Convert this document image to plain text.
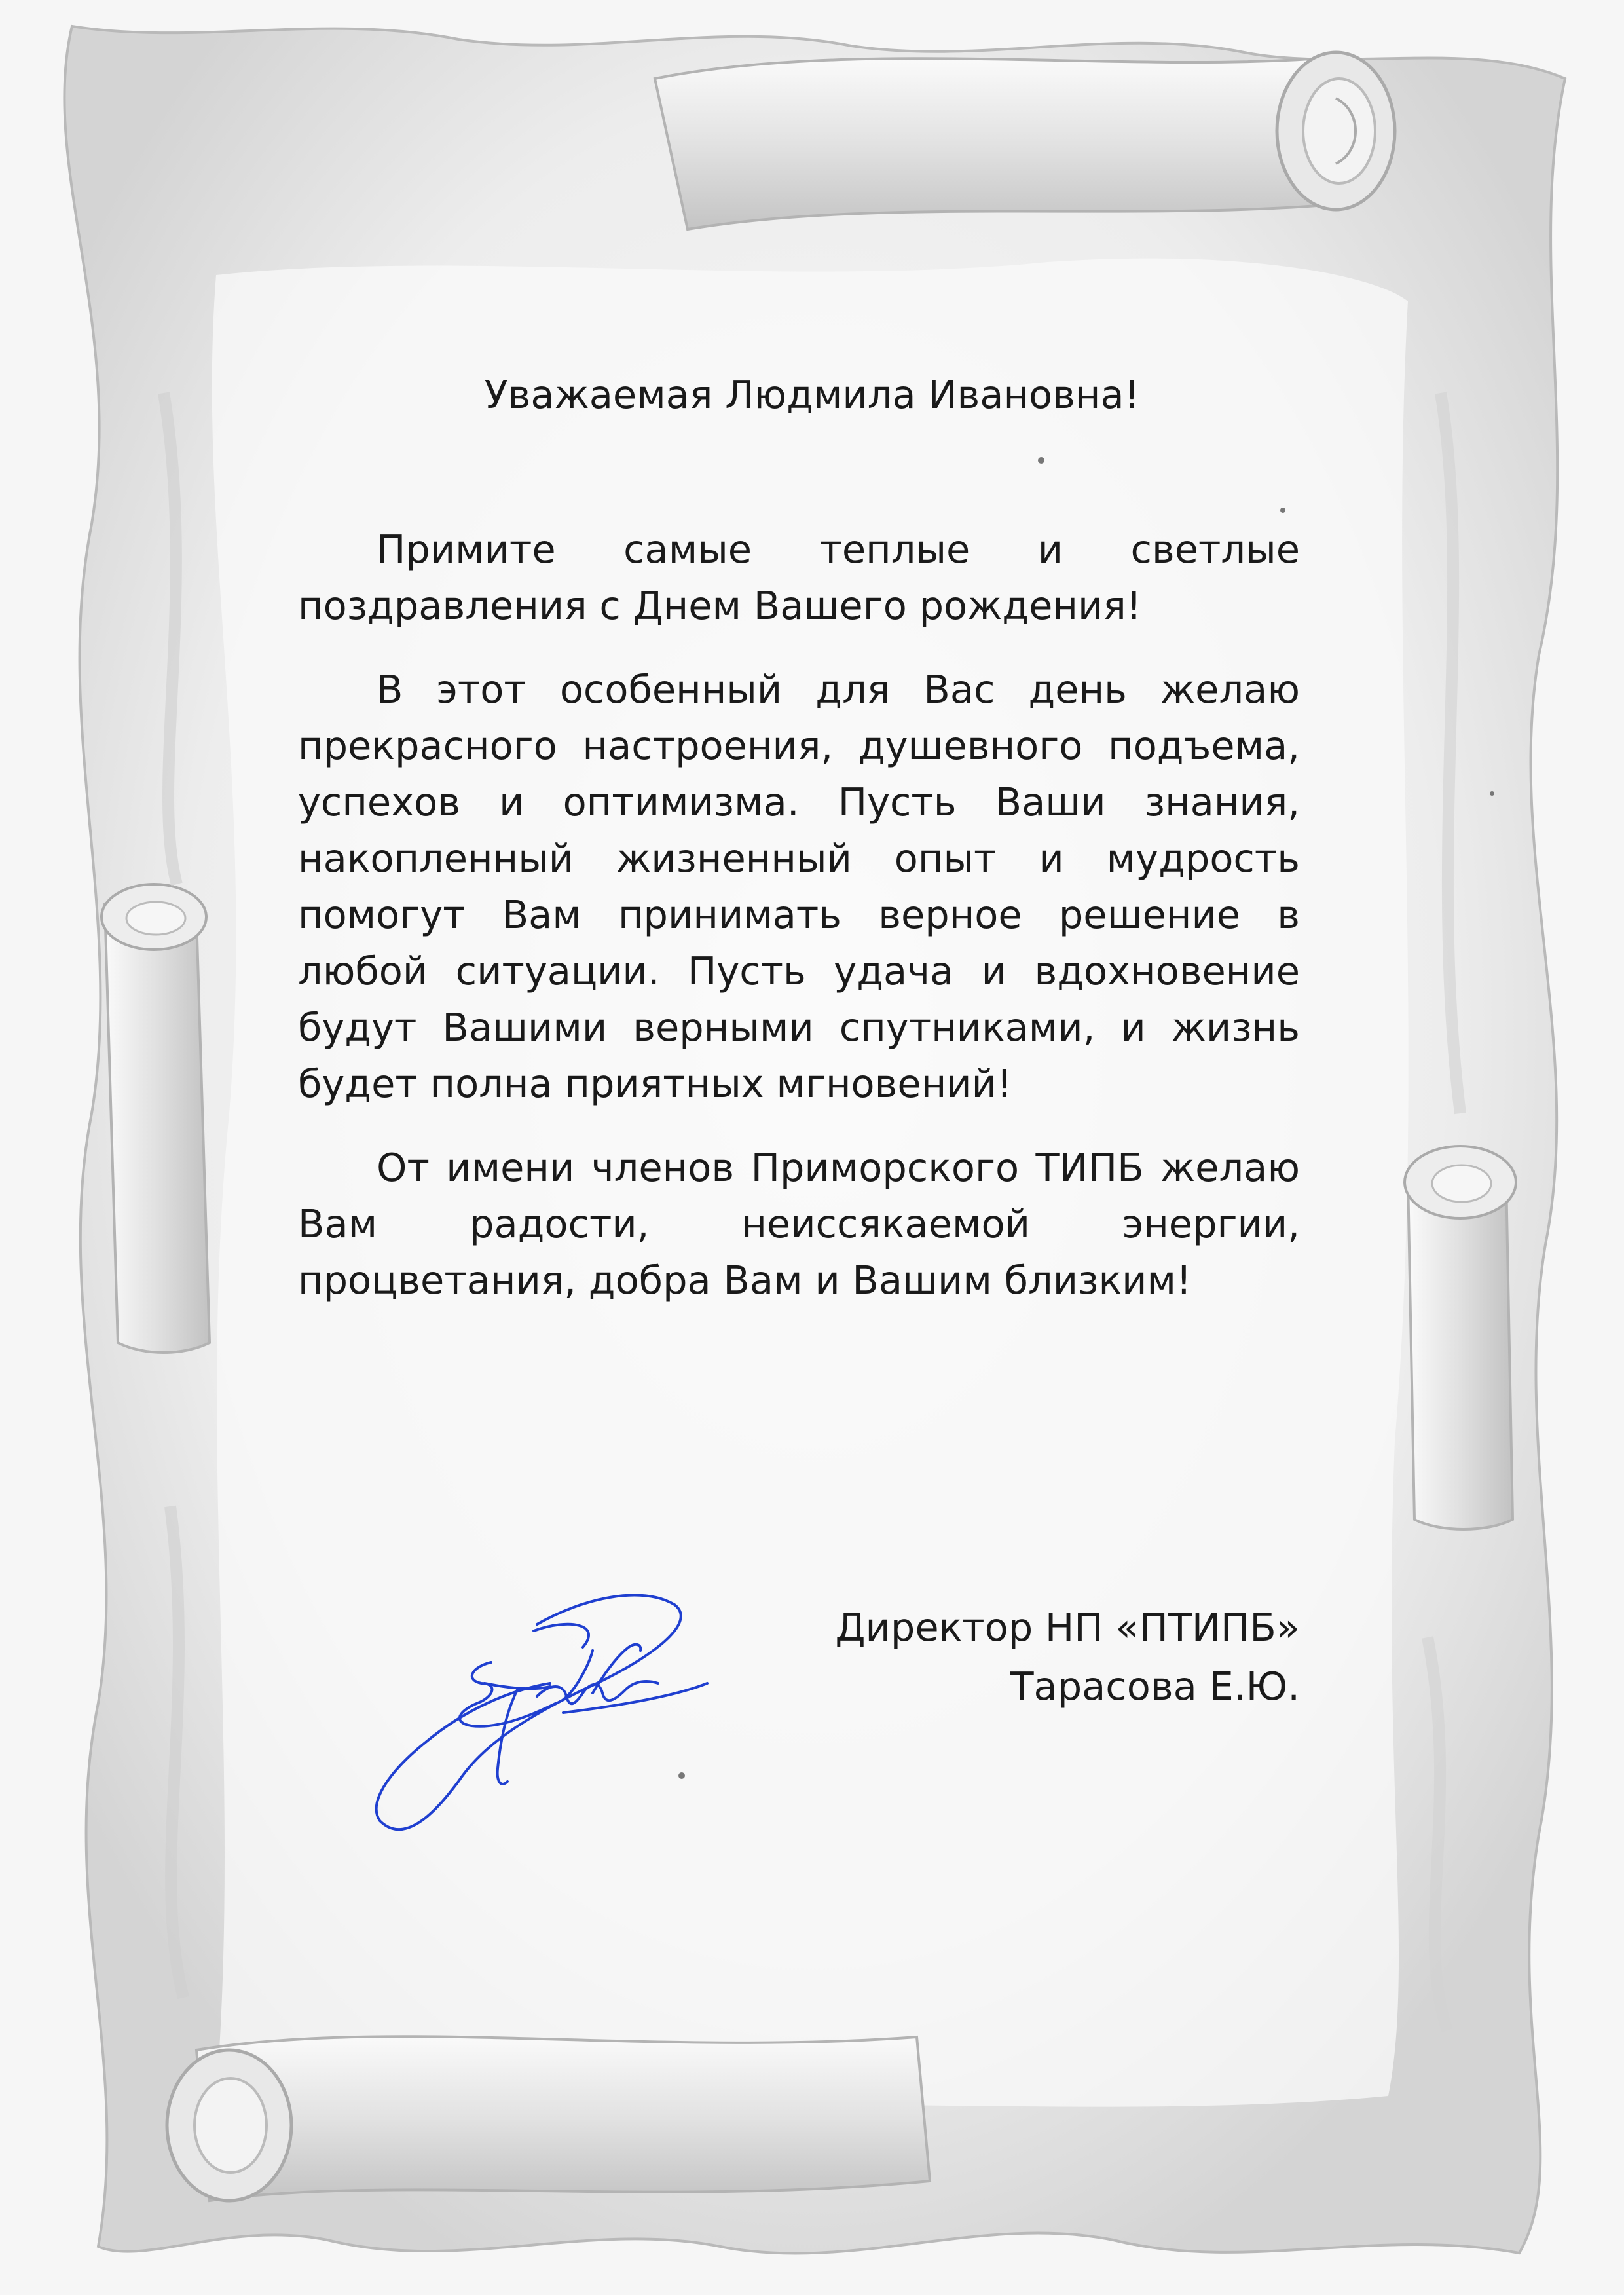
Уважаемая Людмила Ивановна!

Примите самые теплые и светлые поздравления с Днем Вашего рождения!

В этот особенный для Вас день желаю прекрасного настроения, душевного подъема, успехов и оптимизма. Пусть Ваши знания, накопленный жизненный опыт и мудрость помогут Вам принимать верное решение в любой ситуации. Пусть удача и вдохновение будут Вашими верными спутниками, и жизнь будет полна приятных мгновений!

От имени членов Приморского ТИПБ желаю Вам радости, неиссякаемой энергии, процветания, добра Вам и Вашим близким!

Директор НП «ПТИПБ»
Тарасова Е.Ю.
